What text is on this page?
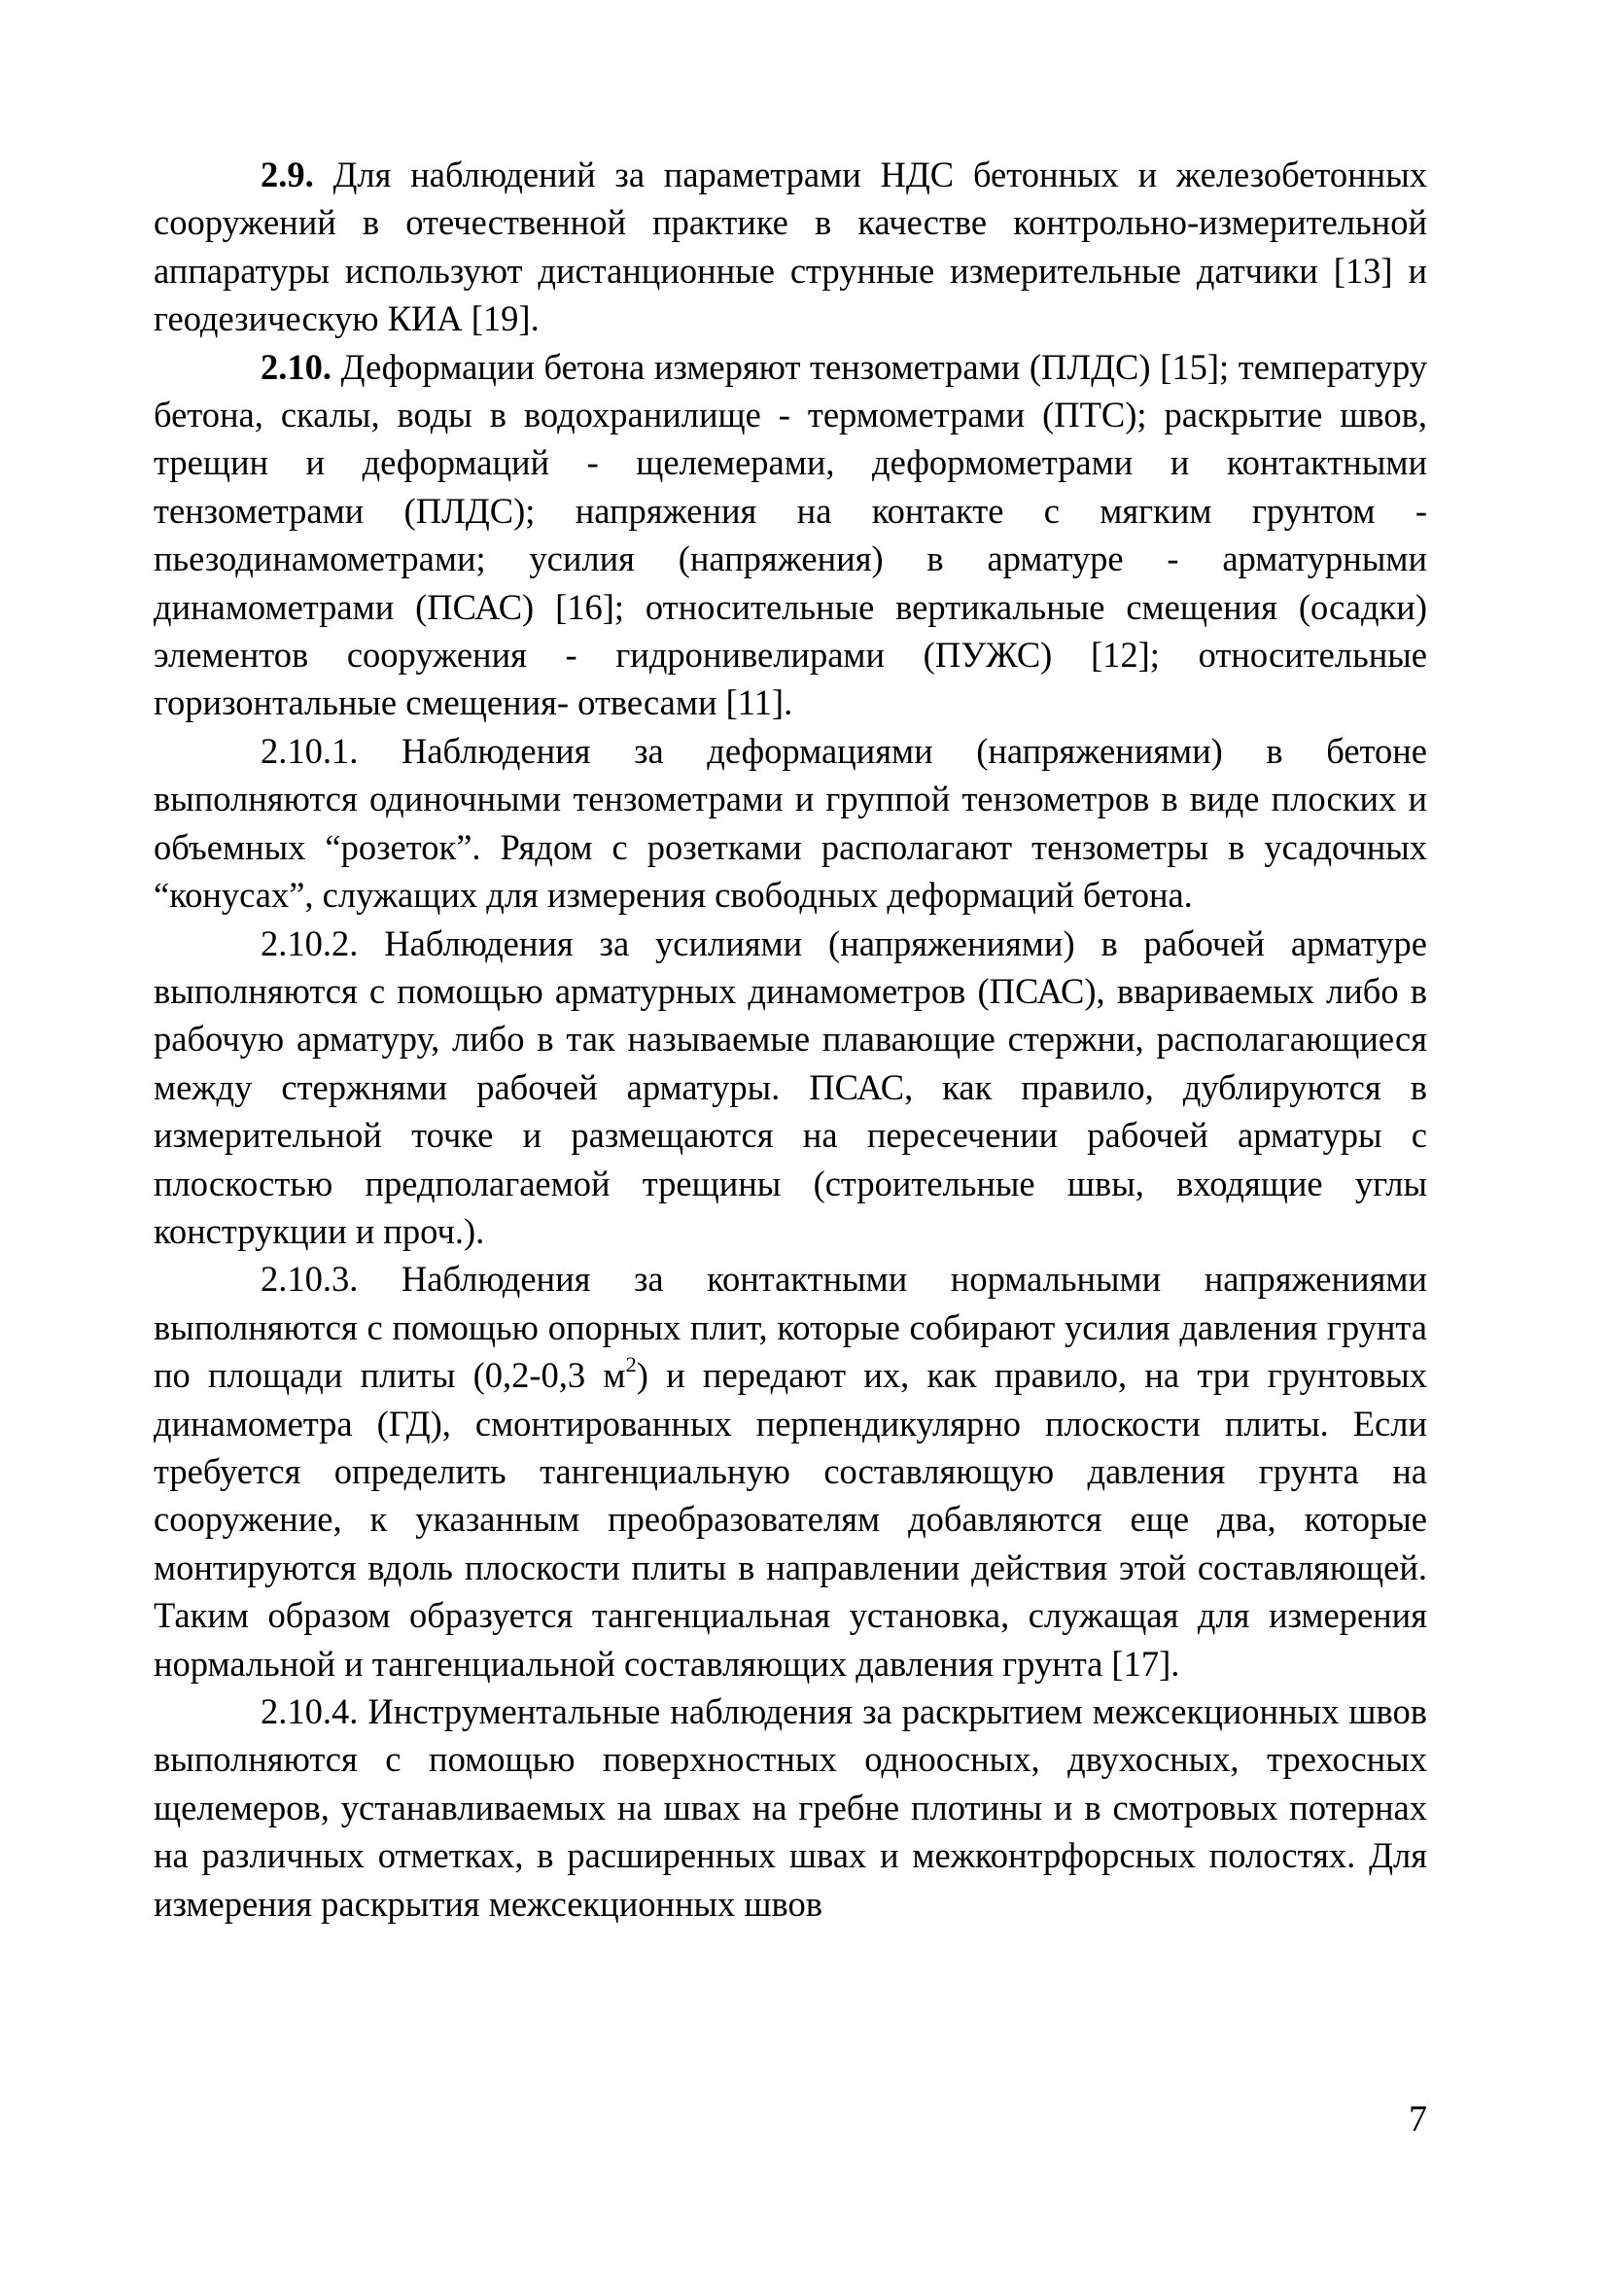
2.9. Для наблюдений за параметрами НДС бетонных и железобетонных сооружений в отечественной практике в качестве контрольно-измерительной аппаратуры используют дистанционные струнные измерительные датчики [13] и геодезическую КИА [19].

2.10. Деформации бетона измеряют тензометрами (ПЛДС) [15]; температуру бетона, скалы, воды в водохранилище - термометрами (ПТС); раскрытие швов, трещин и деформаций - щелемерами, деформометрами и контактными тензометрами (ПЛДС); напряжения на контакте с мягким грунтом - пьезодинамометрами; усилия (напряжения) в арматуре - арматурными динамометрами (ПСАС) [16]; относительные вертикальные смещения (осадки) элементов сооружения - гидронивелирами (ПУЖС) [12]; относительные горизонтальные смещения- отвесами [11].

2.10.1. Наблюдения за деформациями (напряжениями) в бетоне выполняются одиночными тензометрами и группой тензометров в виде плоских и объемных “розеток”. Рядом с розетками располагают тензометры в усадочных “конусах”, служащих для измерения свободных деформаций бетона.

2.10.2. Наблюдения за усилиями (напряжениями) в рабочей арматуре выполняются с помощью арматурных динамометров (ПСАС), ввариваемых либо в рабочую арматуру, либо в так называемые плавающие стержни, располагающиеся между стержнями рабочей арматуры. ПСАС, как правило, дублируются в измерительной точке и размещаются на пересечении рабочей арматуры с плоскостью предполагаемой трещины (строительные швы, входящие углы конструкции и проч.).

2.10.3. Наблюдения за контактными нормальными напряжениями выполняются с помощью опорных плит, которые собирают усилия давления грунта по площади плиты (0,2-0,3 $м^2$) и передают их, как правило, на три грунтовых динамометра (ГД), смонтированных перпендикулярно плоскости плиты. Если требуется определить тангенциальную составляющую давления грунта на сооружение, к указанным преобразователям добавляются еще два, которые монтируются вдоль плоскости плиты в направлении действия этой составляющей. Таким образом образуется тангенциальная установка, служащая для измерения нормальной и тангенциальной составляющих давления грунта [17].

2.10.4. Инструментальные наблюдения за раскрытием межсекционных швов выполняются с помощью поверхностных одноосных, двухосных, трехосных щелемеров, устанавливаемых на швах на гребне плотины и в смотровых потернах на различных отметках, в расширенных швах и межконтрфорсных полостях. Для измерения раскрытия межсекционных швов

7
